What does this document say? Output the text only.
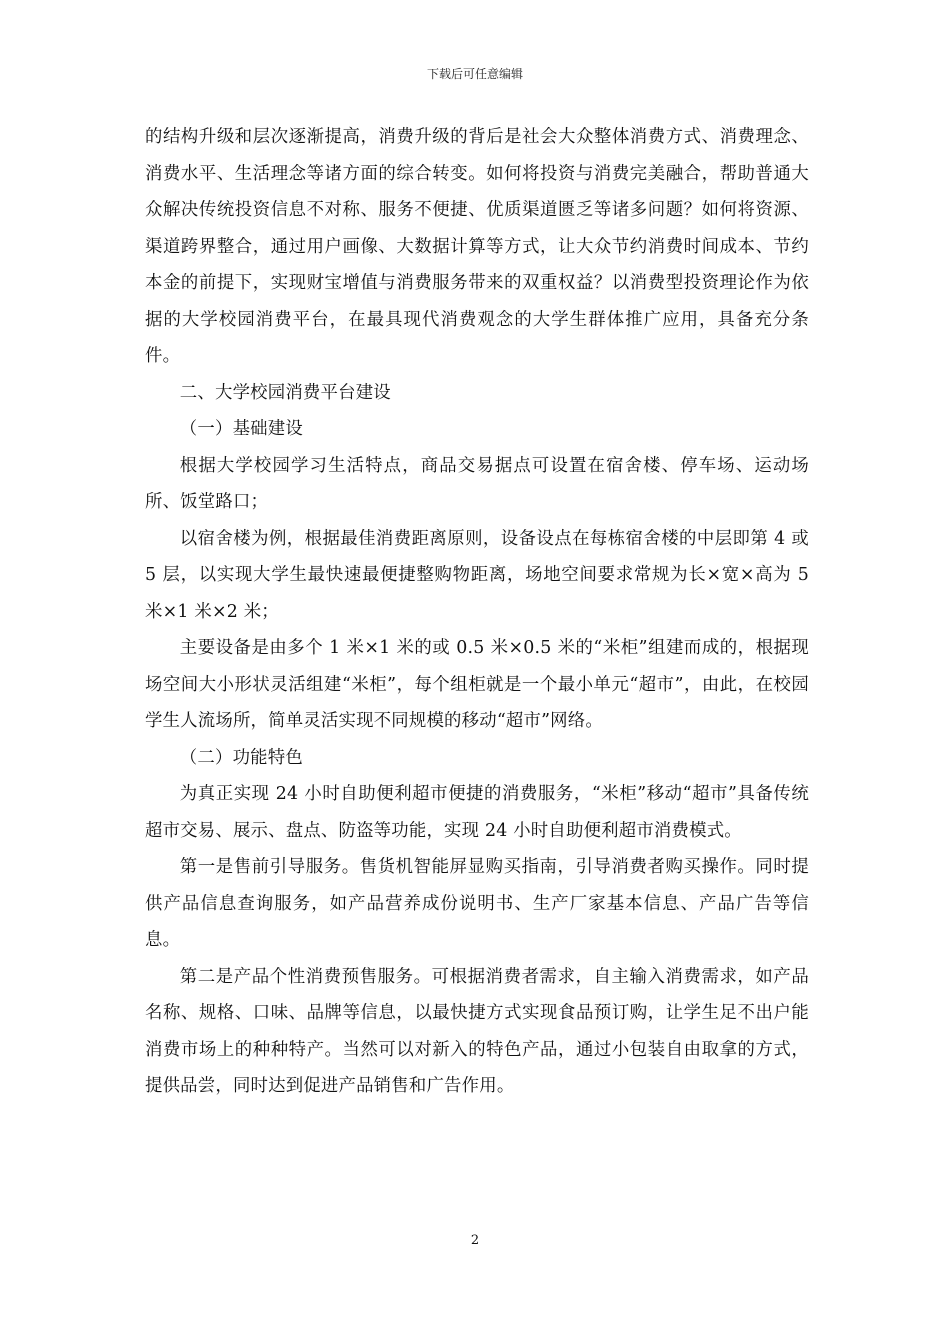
下载后可任意编辑

的结构升级和层次逐渐提高，消费升级的背后是社会大众整体消费方式、消费理念、消费水平、生活理念等诸方面的综合转变。如何将投资与消费完美融合，帮助普通大众解决传统投资信息不对称、服务不便捷、优质渠道匮乏等诸多问题？如何将资源、渠道跨界整合，通过用户画像、大数据计算等方式，让大众节约消费时间成本、节约本金的前提下，实现财宝增值与消费服务带来的双重权益？以消费型投资理论作为依据的大学校园消费平台，在最具现代消费观念的大学生群体推广应用，具备充分条件。

二、大学校园消费平台建设

（一）基础建设

根据大学校园学习生活特点，商品交易据点可设置在宿舍楼、停车场、运动场所、饭堂路口；

以宿舍楼为例，根据最佳消费距离原则，设备设点在每栋宿舍楼的中层即第 4 或 5 层，以实现大学生最快速最便捷整购物距离，场地空间要求常规为长×宽×高为 5 米×1 米×2 米；

主要设备是由多个 1 米×1 米的或 0.5 米×0.5 米的“米柜”组建而成的，根据现场空间大小形状灵活组建“米柜”，每个组柜就是一个最小单元“超市”，由此，在校园学生人流场所，简单灵活实现不同规模的移动“超市”网络。

（二）功能特色

为真正实现 24 小时自助便利超市便捷的消费服务，“米柜”移动“超市”具备传统超市交易、展示、盘点、防盗等功能，实现 24 小时自助便利超市消费模式。

第一是售前引导服务。售货机智能屏显购买指南，引导消费者购买操作。同时提供产品信息查询服务，如产品营养成份说明书、生产厂家基本信息、产品广告等信息。

第二是产品个性消费预售服务。可根据消费者需求，自主输入消费需求，如产品名称、规格、口味、品牌等信息，以最快捷方式实现食品预订购，让学生足不出户能消费市场上的种种特产。当然可以对新入的特色产品，通过小包装自由取拿的方式，提供品尝，同时达到促进产品销售和广告作用。

2
